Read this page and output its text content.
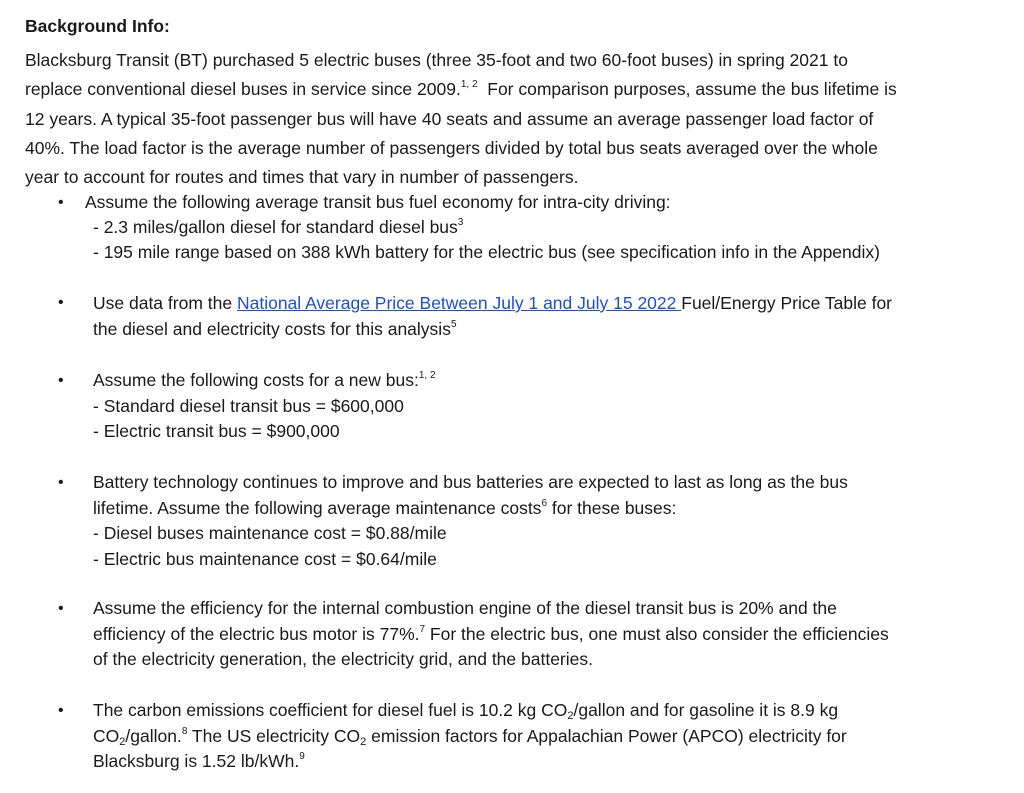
Background Info:
Blacksburg Transit (BT) purchased 5 electric buses (three 35-foot and two 60-foot buses) in spring 2021 to
replace conventional diesel buses in service since 2009.$^{1, 2}$ For comparison purposes, assume the bus lifetime is
12 years. A typical 35-foot passenger bus will have 40 seats and assume an average passenger load factor of
40%. The load factor is the average number of passengers divided by total bus seats averaged over the whole
year to account for routes and times that vary in number of passengers.
• Assume the following average transit bus fuel economy for intra-city driving:
- 2.3 miles/gallon diesel for standard diesel bus$^3$
- 195 mile range based on 388 kWh battery for the electric bus (see specification info in the Appendix)
• Use data from the National Average Price Between July 1 and July 15 2022 Fuel/Energy Price Table for
the diesel and electricity costs for this analysis$^5$
• Assume the following costs for a new bus:$^{1, 2}$
- Standard diesel transit bus = $600,000
- Electric transit bus = $900,000
• Battery technology continues to improve and bus batteries are expected to last as long as the bus
lifetime. Assume the following average maintenance costs$^6$ for these buses:
- Diesel buses maintenance cost = $0.88/mile
- Electric bus maintenance cost = $0.64/mile
• Assume the efficiency for the internal combustion engine of the diesel transit bus is 20% and the
efficiency of the electric bus motor is 77%.$^7$ For the electric bus, one must also consider the efficiencies
of the electricity generation, the electricity grid, and the batteries.
• The carbon emissions coefficient for diesel fuel is 10.2 kg $CO_2$/gallon and for gasoline it is 8.9 kg
$CO_2/gallon.^8$ The US electricity $CO_2$ emission factors for Appalachian Power (APCO) electricity for
Blacksburg is 1.52 lb/kWh.$^9$
